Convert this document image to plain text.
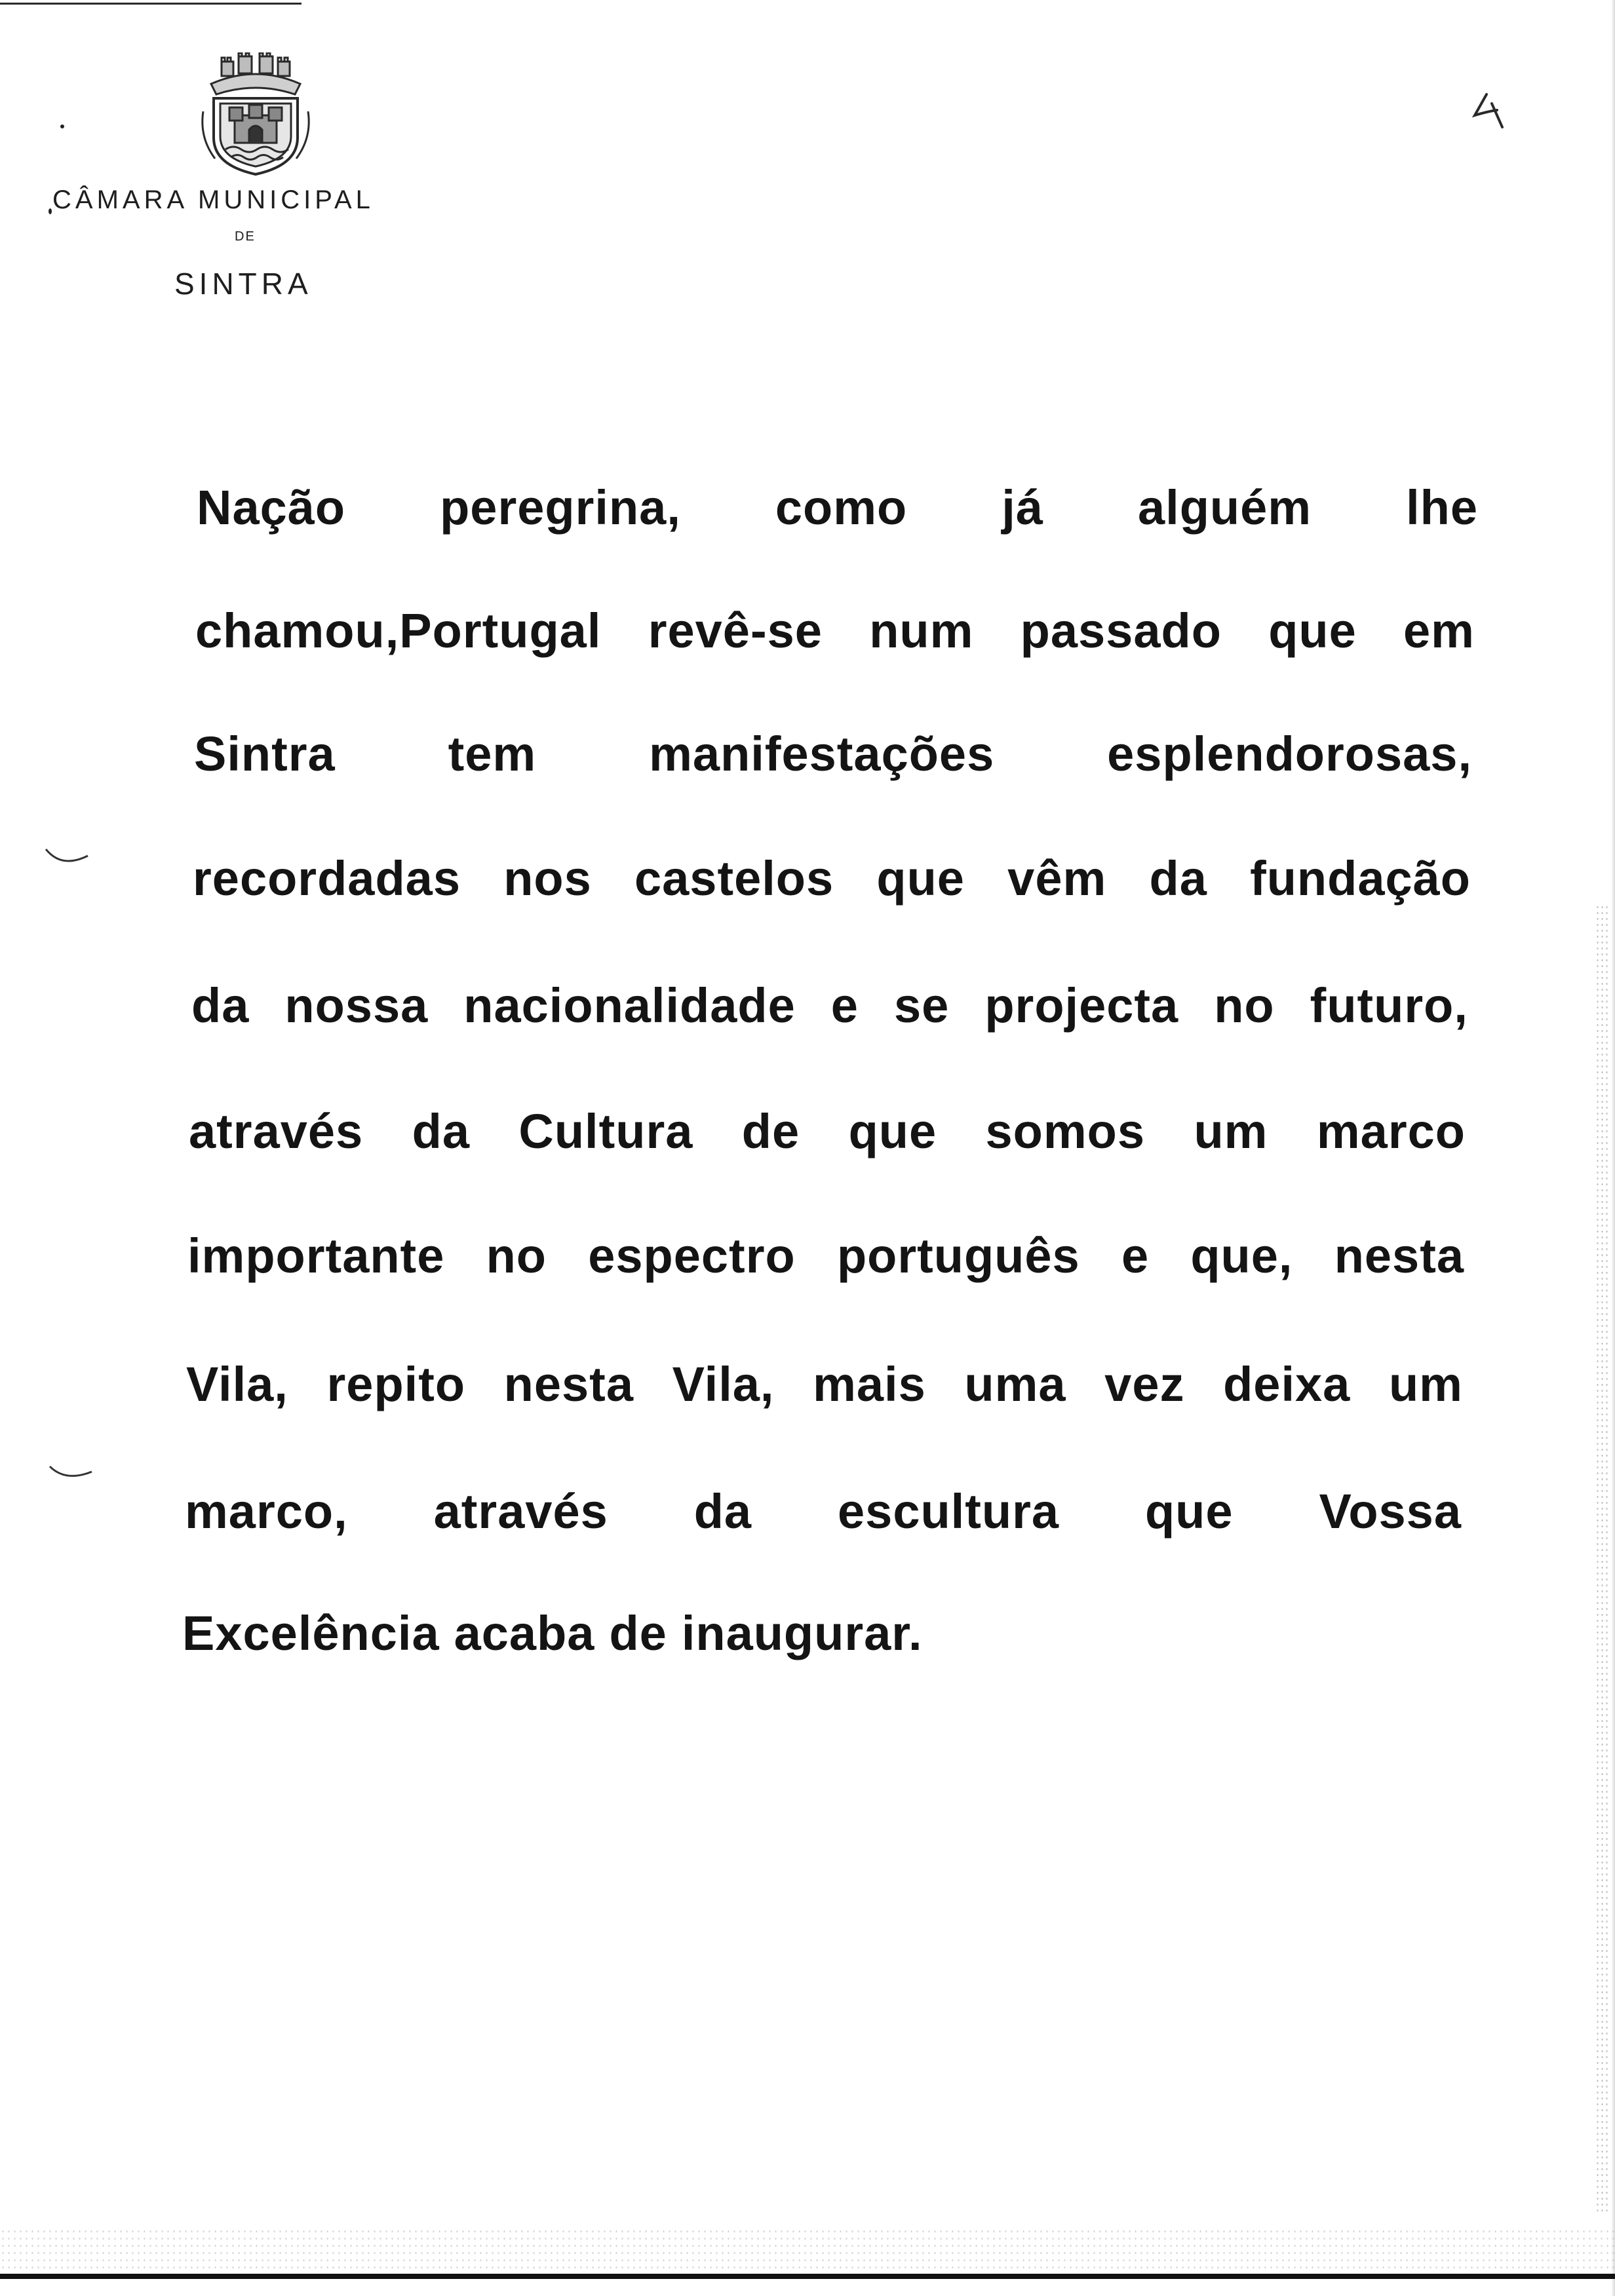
CÂMARA MUNICIPAL
DE
SINTRA
4
Nação peregrina, como já alguém lhe
chamou,Portugal revê-se num passado que em
Sintra tem manifestações esplendorosas,
recordadas nos castelos que vêm da fundação
da nossa nacionalidade e se projecta no futuro,
através da Cultura de que somos um marco
importante no espectro português e que, nesta
Vila, repito nesta Vila, mais uma vez deixa um
marco, através da escultura que Vossa
Excelência acaba de inaugurar.
